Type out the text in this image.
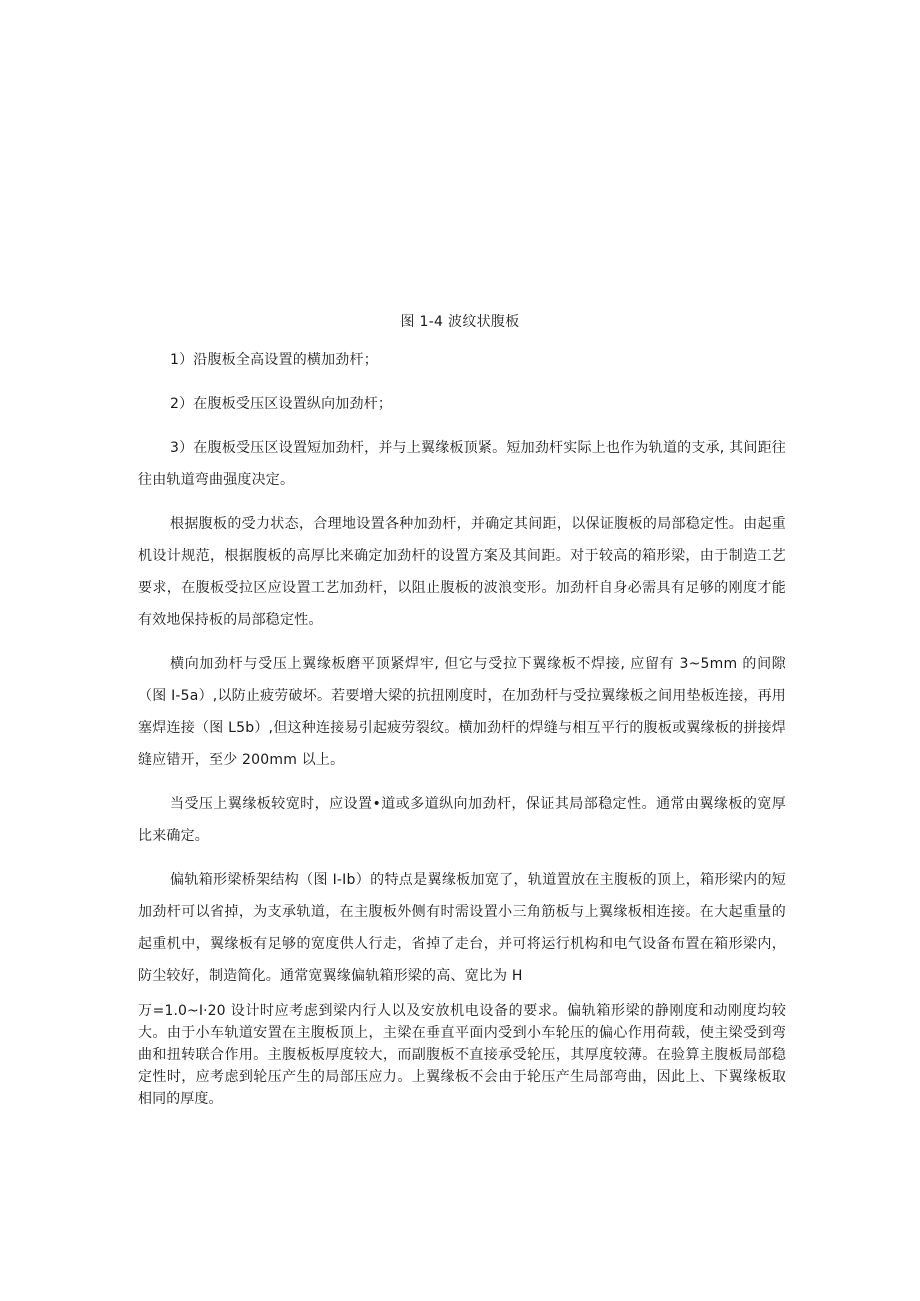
图 1-4 波纹状腹板

1）沿腹板全高设置的横加劲杆；

2）在腹板受压区设置纵向加劲杆；

3）在腹板受压区设置短加劲杆，并与上翼缘板顶紧。短加劲杆实际上也作为轨道的支承, 其间距往往由轨道弯曲强度决定。

根据腹板的受力状态，合理地设置各种加劲杆，并确定其间距，以保证腹板的局部稳定性。由起重机设计规范，根据腹板的高厚比来确定加劲杆的设置方案及其间距。对于较高的箱形梁，由于制造工艺要求，在腹板受拉区应设置工艺加劲杆，以阻止腹板的波浪变形。加劲杆自身必需具有足够的刚度才能有效地保持板的局部稳定性。

横向加劲杆与受压上翼缘板磨平顶紧焊牢, 但它与受拉下翼缘板不焊接, 应留有 3~5mm 的间隙（图 I-5a）,以防止疲劳破坏。若要增大梁的抗扭刚度时，在加劲杆与受拉翼缘板之间用垫板连接，再用塞焊连接（图 L5b）,但这种连接易引起疲劳裂纹。横加劲杆的焊缝与相互平行的腹板或翼缘板的拼接焊缝应错开，至少 200mm 以上。

当受压上翼缘板较宽时，应设置•道或多道纵向加劲杆，保证其局部稳定性。通常由翼缘板的宽厚比来确定。

偏轨箱形梁桥架结构（图 I-Ib）的特点是翼缘板加宽了，轨道置放在主腹板的顶上，箱形梁内的短加劲杆可以省掉，为支承轨道，在主腹板外侧有时需设置小三角筋板与上翼缘板相连接。在大起重量的起重机中，翼缘板有足够的宽度供人行走，省掉了走台，并可将运行机构和电气设备布置在箱形梁内，防尘较好，制造简化。通常宽翼缘偏轨箱形梁的高、宽比为 H

万=1.0~I·20 设计时应考虑到梁内行人以及安放机电设备的要求。偏轨箱形梁的静刚度和动刚度均较大。由于小车轨道安置在主腹板顶上，主梁在垂直平面内受到小车轮压的偏心作用荷载，使主梁受到弯曲和扭转联合作用。主腹板板厚度较大，而副腹板不直接承受轮压，其厚度较薄。在验算主腹板局部稳定性时，应考虑到轮压产生的局部压应力。上翼缘板不会由于轮压产生局部弯曲，因此上、下翼缘板取相同的厚度。
